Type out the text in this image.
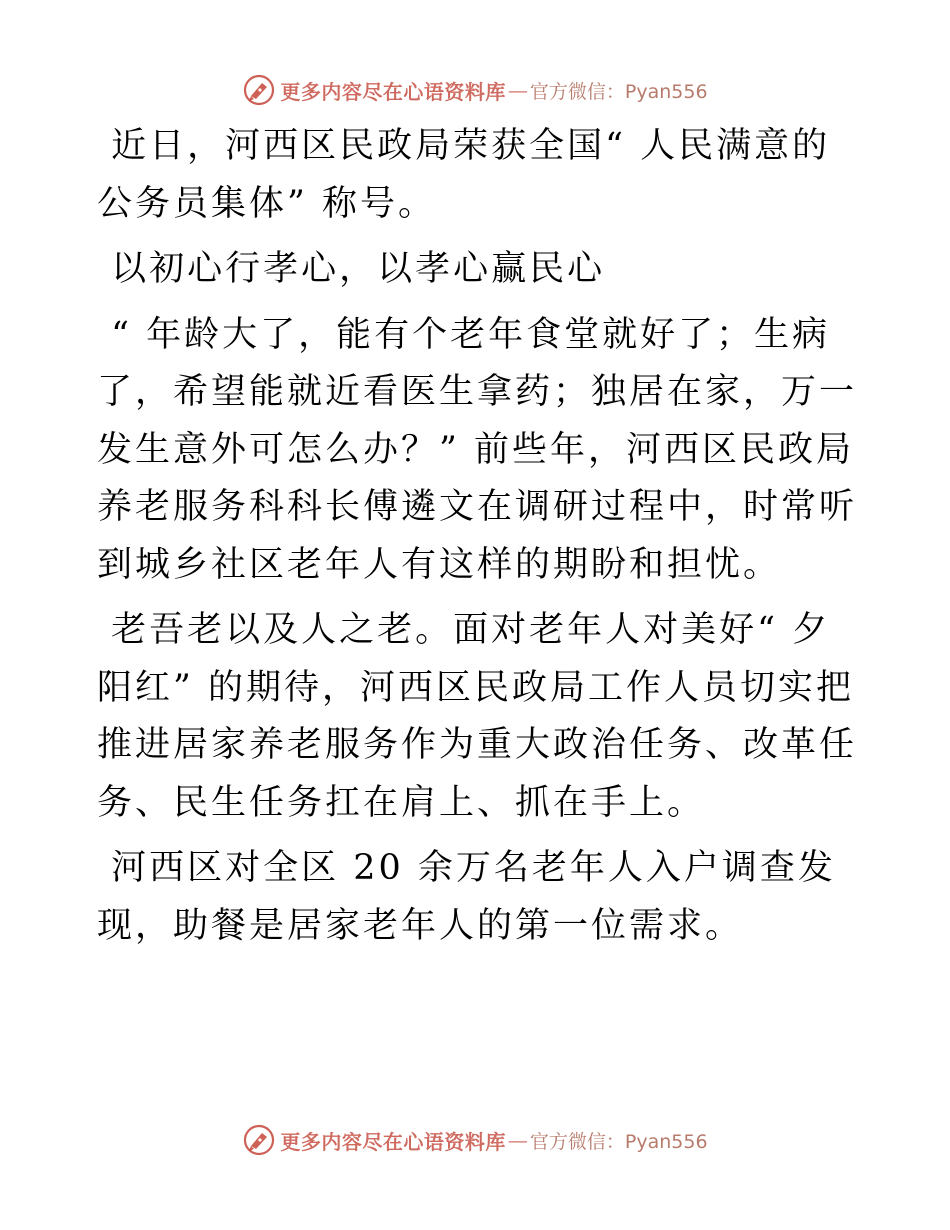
更多内容尽在心语资料库 — 官方微信：Pyan556

近日，河西区民政局荣获全国“ 人民满意的公务员集体” 称号。

以初心行孝心，以孝心赢民心

“ 年龄大了，能有个老年食堂就好了；生病了，希望能就近看医生拿药；独居在家，万一发生意外可怎么办？” 前些年，河西区民政局养老服务科科长傅遴文在调研过程中，时常听到城乡社区老年人有这样的期盼和担忧。

老吾老以及人之老。面对老年人对美好“ 夕阳红” 的期待，河西区民政局工作人员切实把推进居家养老服务作为重大政治任务、改革任务、民生任务扛在肩上、抓在手上。

河西区对全区 20 余万名老年人入户调查发现，助餐是居家老年人的第一位需求。

更多内容尽在心语资料库 — 官方微信：Pyan556
